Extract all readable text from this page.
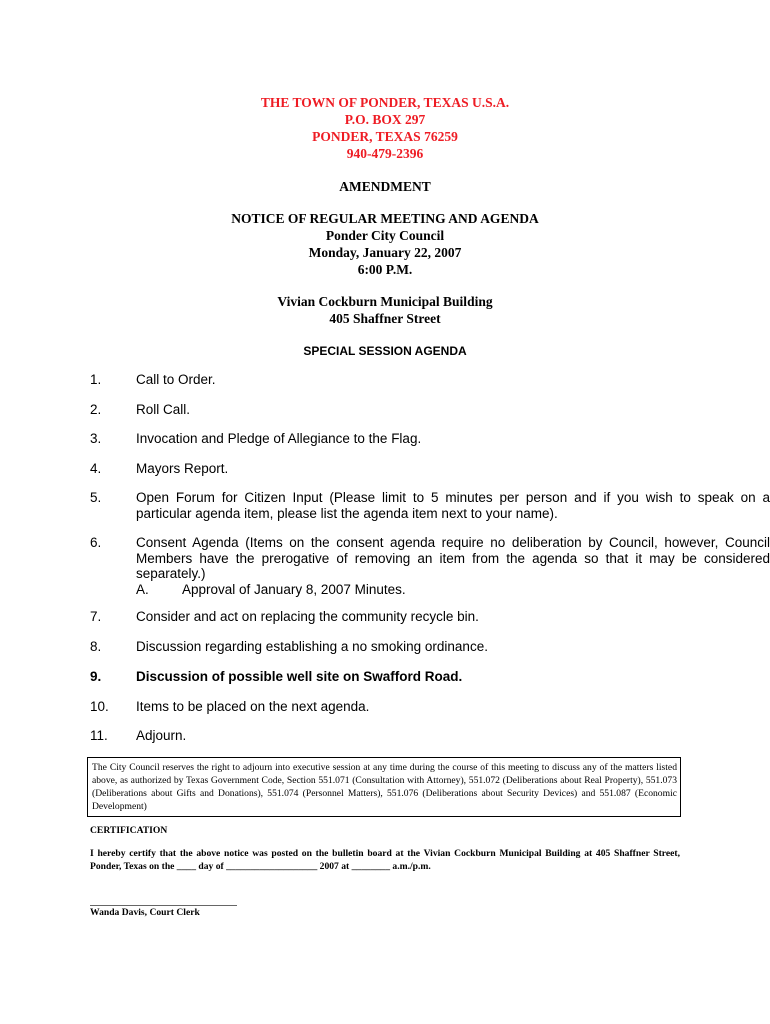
THE TOWN OF PONDER, TEXAS U.S.A.
P.O. BOX 297
PONDER, TEXAS 76259
940-479-2396
AMENDMENT
NOTICE OF REGULAR MEETING AND AGENDA
Ponder City Council
Monday, January 22, 2007
6:00 P.M.
Vivian Cockburn Municipal Building
405 Shaffner Street
SPECIAL SESSION AGENDA
1.	Call to Order.
2.	Roll Call.
3.	Invocation and Pledge of Allegiance to the Flag.
4.	Mayors Report.
5.	Open Forum for Citizen Input (Please limit to 5 minutes per person and if you wish to speak on a particular agenda item, please list the agenda item next to your name).
6.	Consent Agenda (Items on the consent agenda require no deliberation by Council, however, Council Members have the prerogative of removing an item from the agenda so that it may be considered separately.)
A. Approval of January 8, 2007 Minutes.
7.	Consider and act on replacing the community recycle bin.
8.	Discussion regarding establishing a no smoking ordinance.
9.	Discussion of possible well site on Swafford Road.
10.	Items to be placed on the next agenda.
11.	Adjourn.
The City Council reserves the right to adjourn into executive session at any time during the course of this meeting to discuss any of the matters listed above, as authorized by Texas Government Code, Section 551.071 (Consultation with Attorney), 551.072 (Deliberations about Real Property), 551.073 (Deliberations about Gifts and Donations), 551.074 (Personnel Matters), 551.076 (Deliberations about Security Devices) and 551.087 (Economic Development)
CERTIFICATION
I hereby certify that the above notice was posted on the bulletin board at the Vivian Cockburn Municipal Building at 405 Shaffner Street, Ponder, Texas on the ____ day of ___________________ 2007 at ________ a.m./p.m.
Wanda Davis, Court Clerk
